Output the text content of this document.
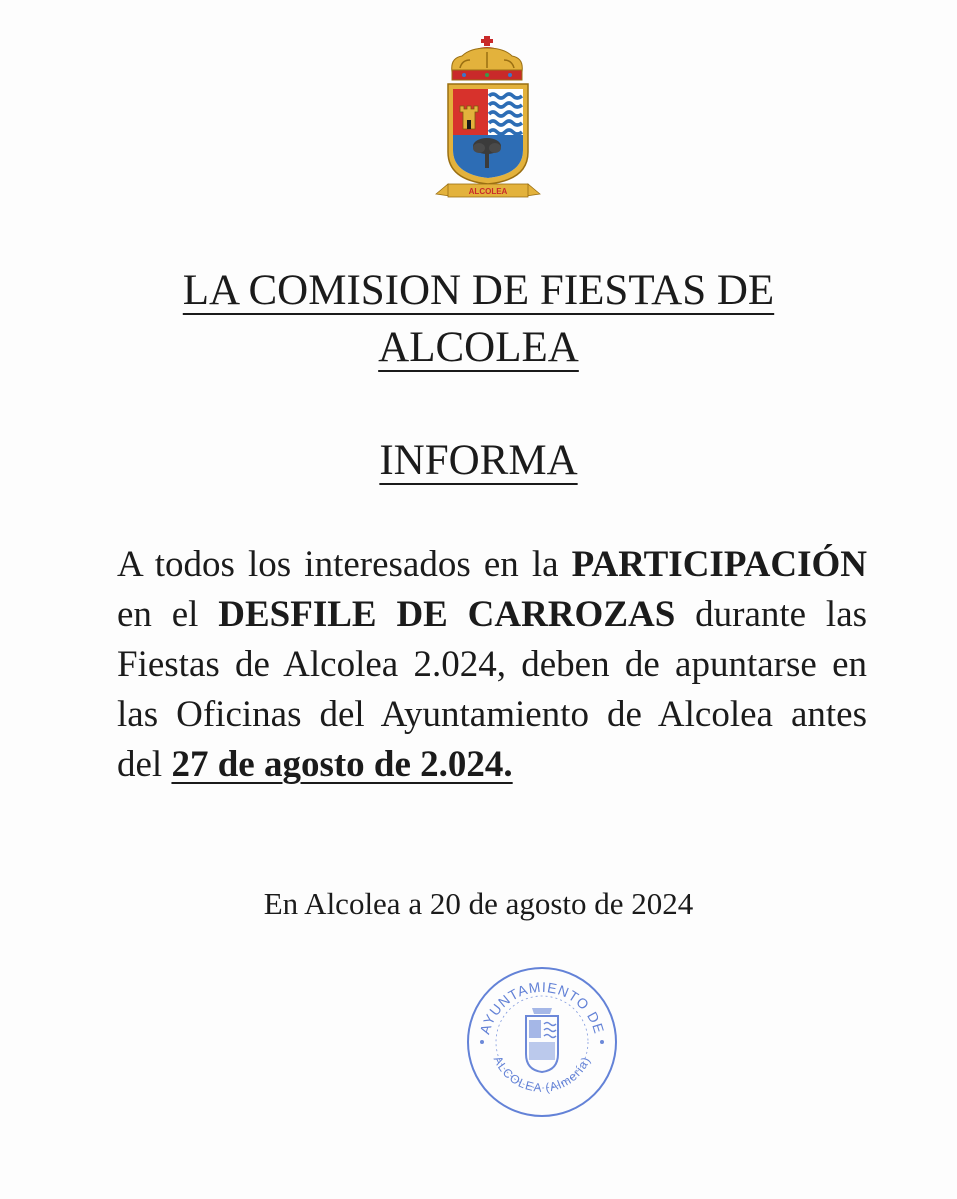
ALCOLEA
LA COMISION DE FIESTAS DE
ALCOLEA
INFORMA
A todos los interesados en la PARTICIPACIÓN en el DESFILE DE CARROZAS durante las Fiestas de Alcolea 2.024, deben de apuntarse en las Oficinas del Ayuntamiento de Alcolea antes del 27 de agosto de 2.024.
En Alcolea a 20 de agosto de 2024
AYUNTAMIENTO DE
ALCOLEA (Almería)
